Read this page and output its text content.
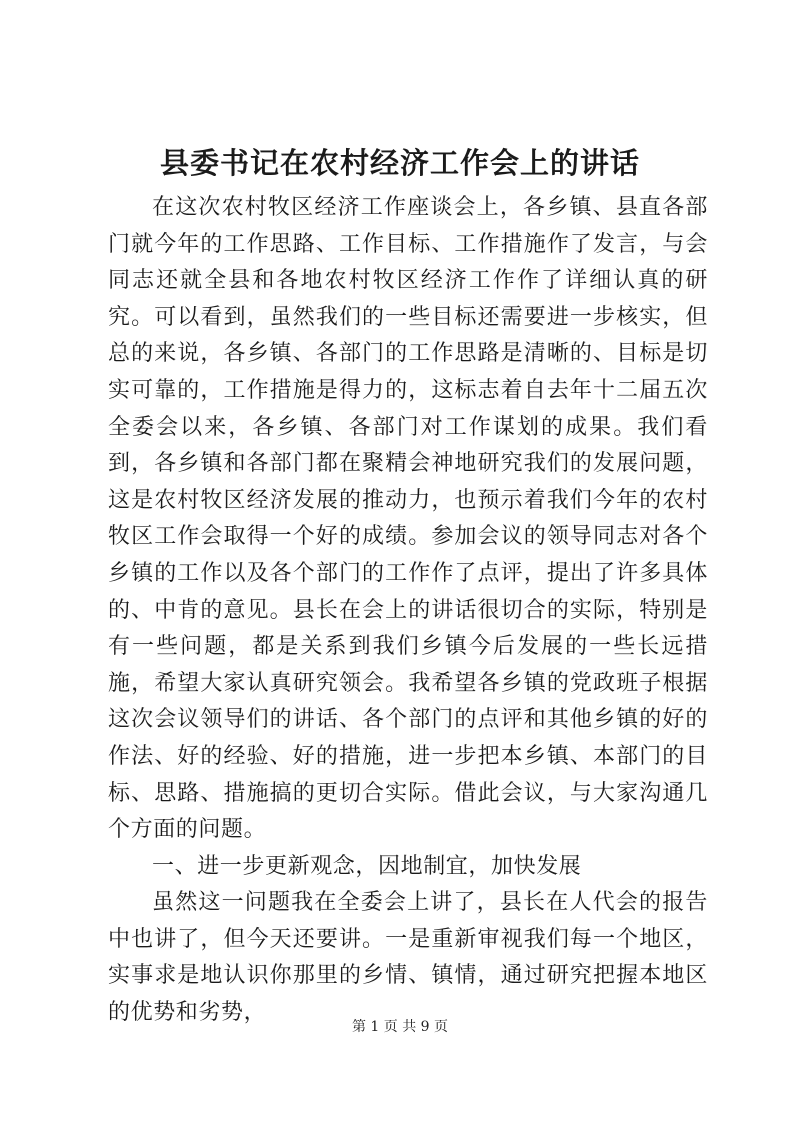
县委书记在农村经济工作会上的讲话

在这次农村牧区经济工作座谈会上，各乡镇、县直各部门就今年的工作思路、工作目标、工作措施作了发言，与会同志还就全县和各地农村牧区经济工作作了详细认真的研究。可以看到，虽然我们的一些目标还需要进一步核实，但总的来说，各乡镇、各部门的工作思路是清晰的、目标是切实可靠的，工作措施是得力的，这标志着自去年十二届五次全委会以来，各乡镇、各部门对工作谋划的成果。我们看到，各乡镇和各部门都在聚精会神地研究我们的发展问题，这是农村牧区经济发展的推动力，也预示着我们今年的农村牧区工作会取得一个好的成绩。参加会议的领导同志对各个乡镇的工作以及各个部门的工作作了点评，提出了许多具体的、中肯的意见。县长在会上的讲话很切合的实际，特别是有一些问题，都是关系到我们乡镇今后发展的一些长远措施，希望大家认真研究领会。我希望各乡镇的党政班子根据这次会议领导们的讲话、各个部门的点评和其他乡镇的好的作法、好的经验、好的措施，进一步把本乡镇、本部门的目标、思路、措施搞的更切合实际。借此会议，与大家沟通几个方面的问题。

一、进一步更新观念，因地制宜，加快发展

虽然这一问题我在全委会上讲了，县长在人代会的报告中也讲了，但今天还要讲。一是重新审视我们每一个地区，实事求是地认识你那里的乡情、镇情，通过研究把握本地区的优势和劣势，

第 1 页 共 9 页
